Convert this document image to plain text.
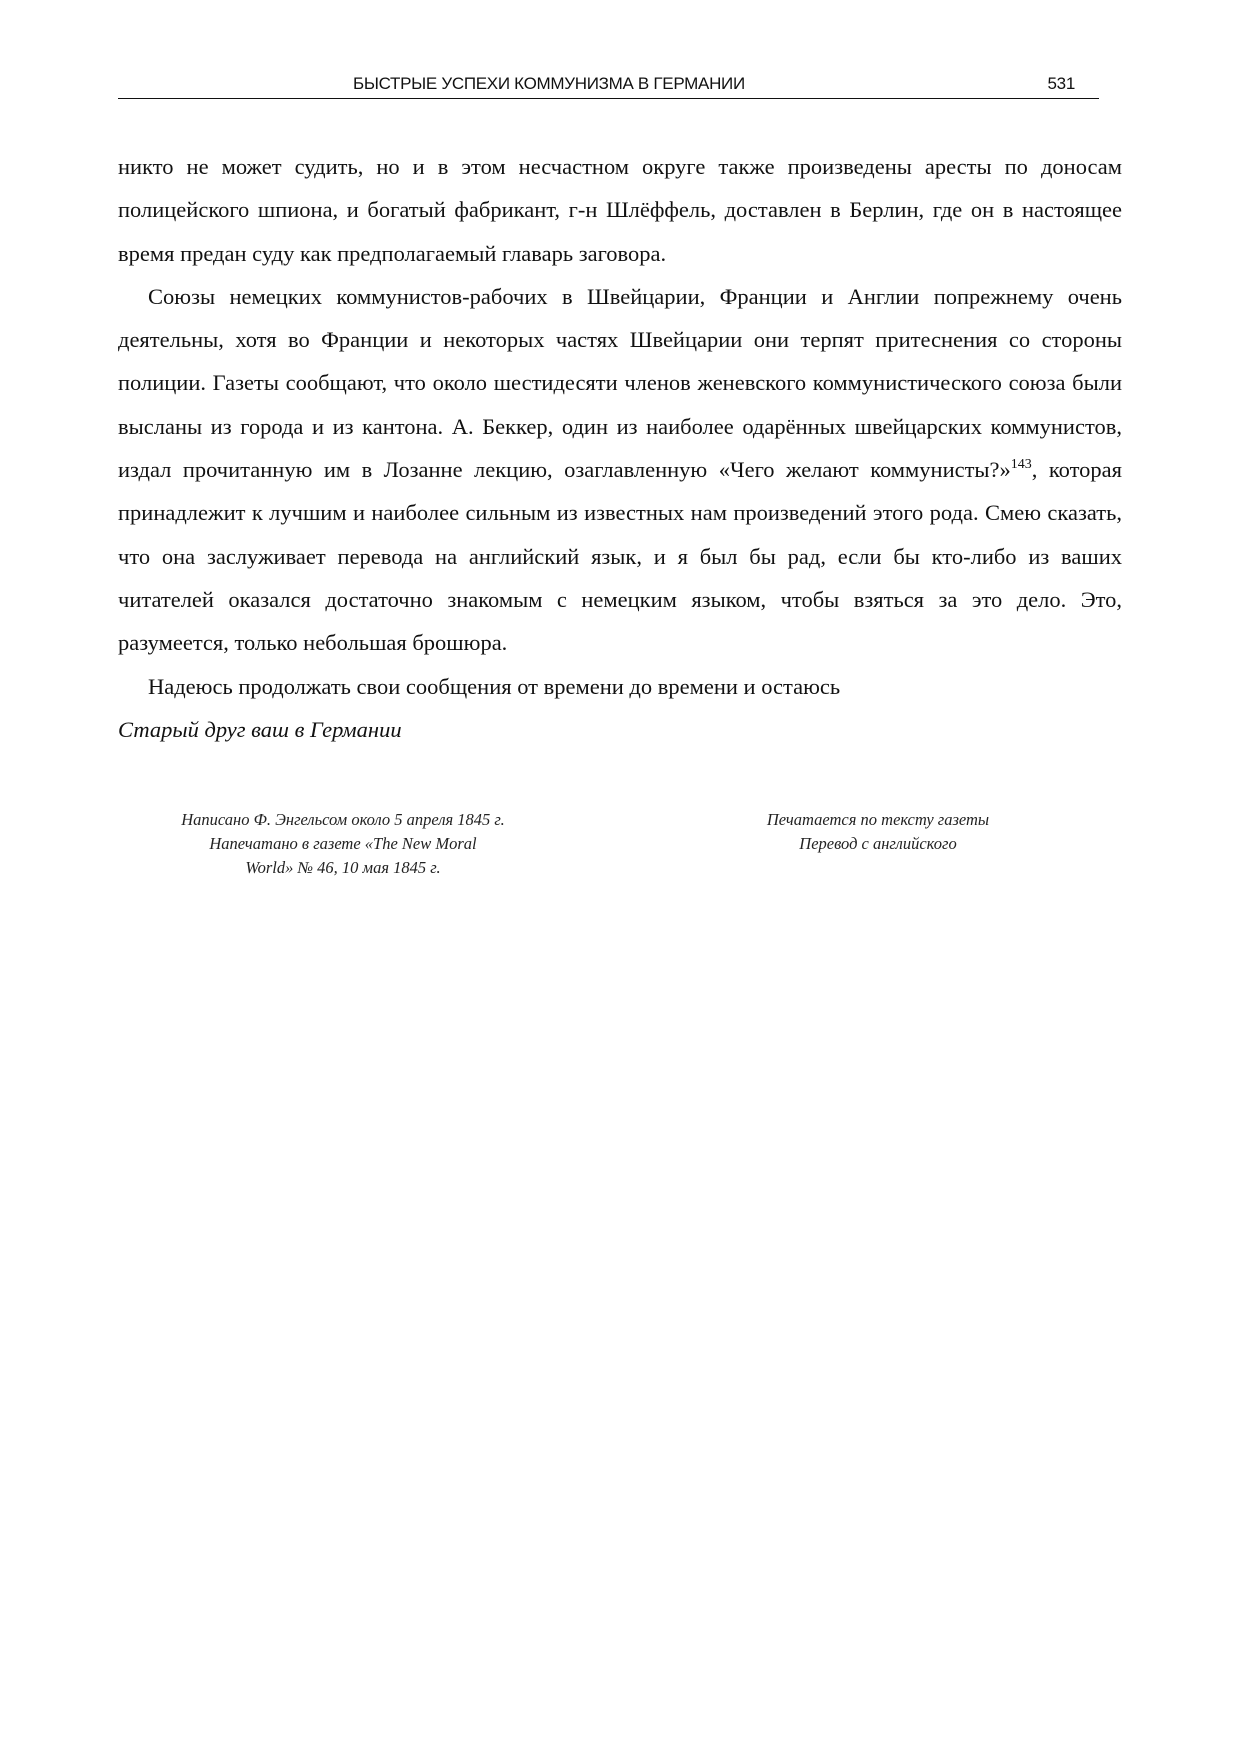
БЫСТРЫЕ УСПЕХИ КОММУНИЗМА В ГЕРМАНИИ	531

никто не может судить, но и в этом несчастном округе также произведены аресты по доносам полицейского шпиона, и богатый фабрикант, г-н Шлёффель, доставлен в Берлин, где он в настоящее время предан суду как предполагаемый главарь заговора.

Союзы немецких коммунистов-рабочих в Швейцарии, Франции и Англии попрежнему очень деятельны, хотя во Франции и некоторых частях Швейцарии они терпят притеснения со стороны полиции. Газеты сообщают, что около шестидесяти членов женевского коммунистического союза были высланы из города и из кантона. А. Беккер, один из наиболее одарённых швейцарских коммунистов, издал прочитанную им в Лозанне лекцию, озаглавленную «Чего желают коммунисты?»$^{143}$, которая принадлежит к лучшим и наиболее сильным из известных нам произведений этого рода. Смею сказать, что она заслуживает перевода на английский язык, и я был бы рад, если бы кто-либо из ваших читателей оказался достаточно знакомым с немецким языком, чтобы взяться за это дело. Это, разумеется, только небольшая брошюра.

Надеюсь продолжать свои сообщения от времени до времени и остаюсь

Старый друг ваш в Германии

Написано Ф. Энгельсом около 5 апреля 1845 г.
Напечатано в газете «The New Moral
World» № 46, 10 мая 1845 г.
Печатается по тексту газеты
Перевод с английского
